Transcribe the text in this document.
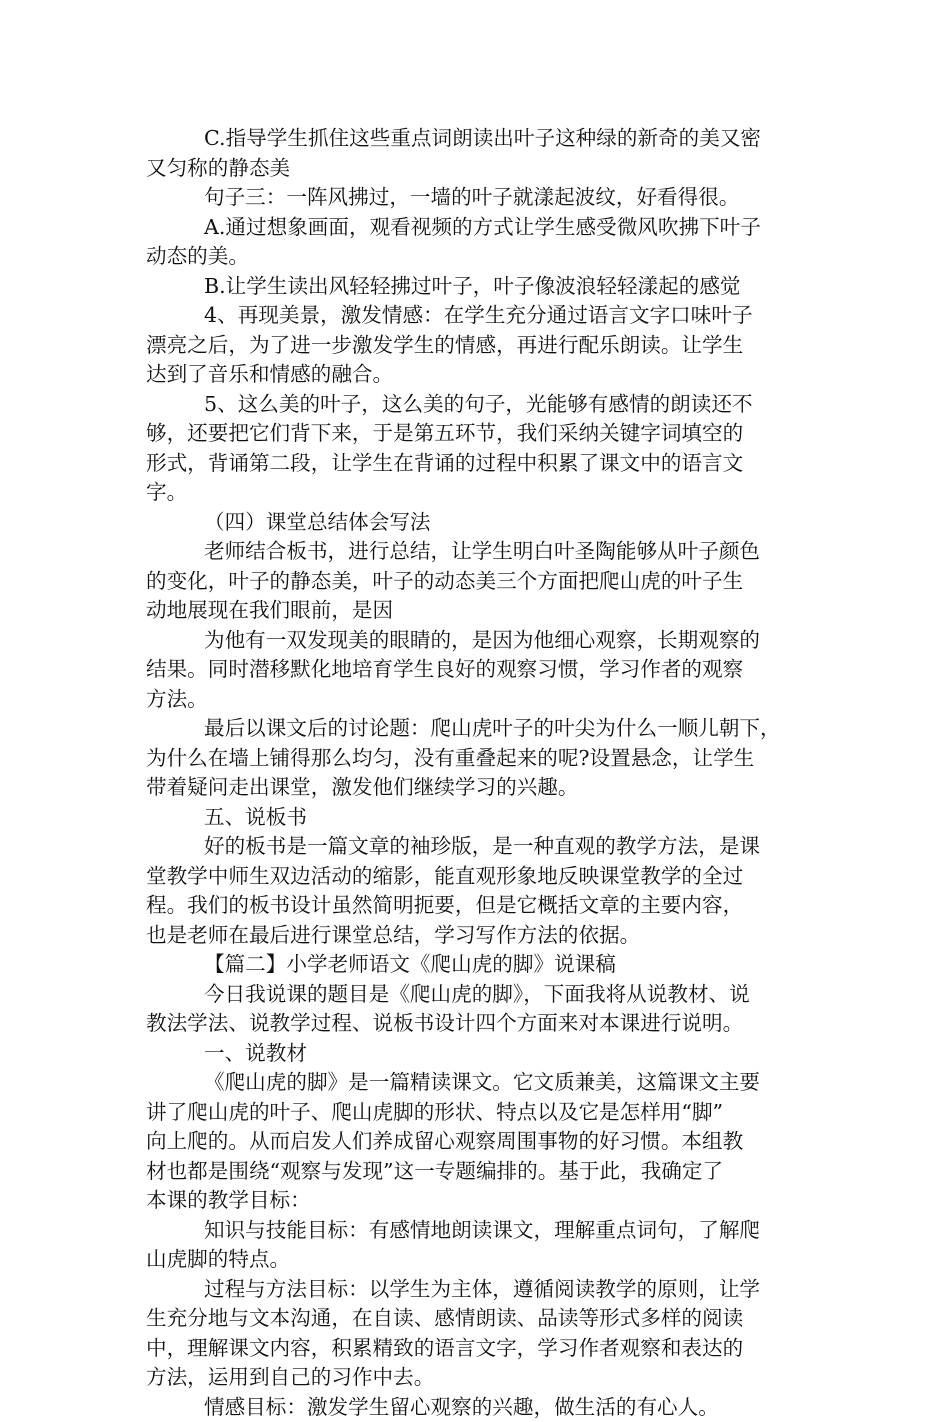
C.指导学生抓住这些重点词朗读出叶子这种绿的新奇的美又密
又匀称的静态美
句子三：一阵风拂过，一墙的叶子就漾起波纹，好看得很。
A.通过想象画面，观看视频的方式让学生感受微风吹拂下叶子
动态的美。
B.让学生读出风轻轻拂过叶子，叶子像波浪轻轻漾起的感觉
4、再现美景，激发情感：在学生充分通过语言文字口味叶子
漂亮之后，为了进一步激发学生的情感，再进行配乐朗读。让学生
达到了音乐和情感的融合。
5、这么美的叶子，这么美的句子，光能够有感情的朗读还不
够，还要把它们背下来，于是第五环节，我们采纳关键字词填空的
形式，背诵第二段，让学生在背诵的过程中积累了课文中的语言文
字。
（四）课堂总结体会写法
老师结合板书，进行总结，让学生明白叶圣陶能够从叶子颜色
的变化，叶子的静态美，叶子的动态美三个方面把爬山虎的叶子生
动地展现在我们眼前，是因
为他有一双发现美的眼睛的，是因为他细心观察，长期观察的
结果。同时潜移默化地培育学生良好的观察习惯，学习作者的观察
方法。
最后以课文后的讨论题：爬山虎叶子的叶尖为什么一顺儿朝下，
为什么在墙上铺得那么均匀，没有重叠起来的呢?设置悬念，让学生
带着疑问走出课堂，激发他们继续学习的兴趣。
五、说板书
好的板书是一篇文章的袖珍版，是一种直观的教学方法，是课
堂教学中师生双边活动的缩影，能直观形象地反映课堂教学的全过
程。我们的板书设计虽然简明扼要，但是它概括文章的主要内容，
也是老师在最后进行课堂总结，学习写作方法的依据。
【篇二】小学老师语文《爬山虎的脚》说课稿
今日我说课的题目是《爬山虎的脚》，下面我将从说教材、说
教法学法、说教学过程、说板书设计四个方面来对本课进行说明。
一、说教材
《爬山虎的脚》是一篇精读课文。它文质兼美，这篇课文主要
讲了爬山虎的叶子、爬山虎脚的形状、特点以及它是怎样用“脚”
向上爬的。从而启发人们养成留心观察周围事物的好习惯。本组教
材也都是围绕“观察与发现”这一专题编排的。基于此，我确定了
本课的教学目标：
知识与技能目标：有感情地朗读课文，理解重点词句，了解爬
山虎脚的特点。
过程与方法目标：以学生为主体，遵循阅读教学的原则，让学
生充分地与文本沟通，在自读、感情朗读、品读等形式多样的阅读
中，理解课文内容，积累精致的语言文字，学习作者观察和表达的
方法，运用到自己的习作中去。
情感目标：激发学生留心观察的兴趣，做生活的有心人。
